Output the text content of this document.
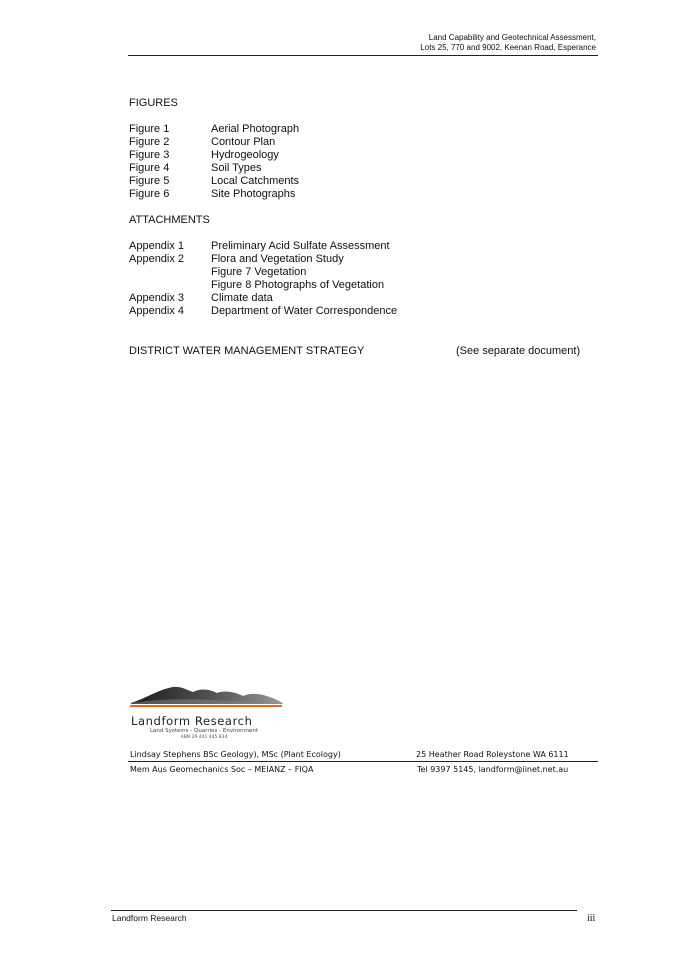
Land Capability and Geotechnical Assessment,
Lots 25, 770 and 9002, Keenan Road, Esperance
FIGURES
Figure 1	Aerial Photograph
Figure 2	Contour Plan
Figure 3	Hydrogeology
Figure 4	Soil Types
Figure 5	Local Catchments
Figure 6	Site Photographs
ATTACHMENTS
Appendix 1 Preliminary Acid Sulfate Assessment
Appendix 2 Flora and Vegetation Study
Figure 7 Vegetation
Figure 8 Photographs of Vegetation
Appendix 3 Climate data
Appendix 4 Department of Water Correspondence
DISTRICT WATER MANAGEMENT STRATEGY	(See separate document)
Landform Research
Land Systems - Quarries - Environment
ABN 29 441 445 834
Lindsay Stephens BSc Geology), MSc (Plant Ecology)	25 Heather Road Roleystone WA 6111
Mem Aus Geomechanics Soc – MEIANZ – FIQA	Tel 9397 5145, landform@iinet.net.au
Landform Research	iii
